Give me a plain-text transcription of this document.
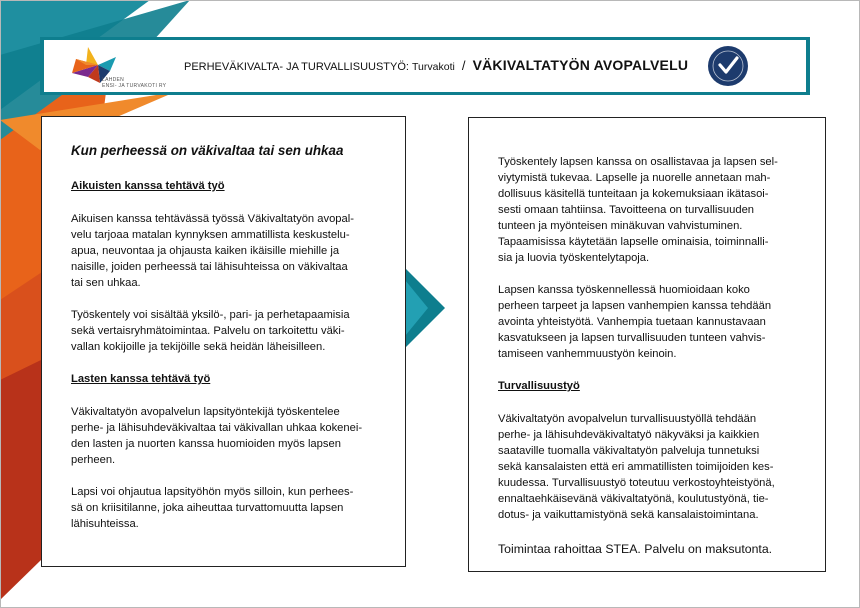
LAHDEN
ENSI- JA TURVAKOTI RY
PERHEVÄKIVALTA- JA TURVALLISUUSTYÖ: Turvakoti / VÄKIVALTATYÖN AVOPALVELU
Kun perheessä on väkivaltaa tai sen uhkaa
Aikuisten kanssa tehtävä työ

Aikuisen kanssa tehtävässä työssä Väkivaltatyön avopal-
velu tarjoaa matalan kynnyksen ammatillista keskustelu-
apua, neuvontaa ja ohjausta kaiken ikäisille miehille ja
naisille, joiden perheessä tai lähisuhteissa on väkivaltaa
tai sen uhkaa.

Työskentely voi sisältää yksilö-, pari- ja perhetapaamisia
sekä vertaisryhmätoimintaa. Palvelu on tarkoitettu väki-
vallan kokijoille ja tekijöille sekä heidän läheisilleen.

Lasten kanssa tehtävä työ

Väkivaltatyön avopalvelun lapsityöntekijä työskentelee
perhe- ja lähisuhdeväkivaltaa tai väkivallan uhkaa kokenei-
den lasten ja nuorten kanssa huomioiden myös lapsen
perheen.

Lapsi voi ohjautua lapsityöhön myös silloin, kun perhees-
sä on kriisitilanne, joka aiheuttaa turvattomuutta lapsen
lähisuhteissa.

Työskentely lapsen kanssa on osallistavaa ja lapsen sel-
viytymistä tukevaa. Lapselle ja nuorelle annetaan mah-
dollisuus käsitellä tunteitaan ja kokemuksiaan ikätasoi-
sesti omaan tahtiinsa. Tavoitteena on turvallisuuden
tunteen ja myönteisen minäkuvan vahvistuminen.
Tapaamisissa käytetään lapselle ominaisia, toiminnalli-
sia ja luovia työskentelytapoja.

Lapsen kanssa työskennellessä huomioidaan koko
perheen tarpeet ja lapsen vanhempien kanssa tehdään
avointa yhteistyötä. Vanhempia tuetaan kannustavaan
kasvatukseen ja lapsen turvallisuuden tunteen vahvis-
tamiseen vanhemmuustyön keinoin.

Turvallisuustyö

Väkivaltatyön avopalvelun turvallisuustyöllä tehdään
perhe- ja lähisuhdeväkivaltatyö näkyväksi ja kaikkien
saataville tuomalla väkivaltatyön palveluja tunnetuksi
sekä kansalaisten että eri ammatillisten toimijoiden kes-
kuudessa. Turvallisuustyö toteutuu verkostoyhteistyönä,
ennaltaehkäisevänä väkivaltatyönä, koulutustyönä, tie-
dotus- ja vaikuttamistyönä sekä kansalaistoimintana.

Toimintaa rahoittaa STEA. Palvelu on maksutonta.
